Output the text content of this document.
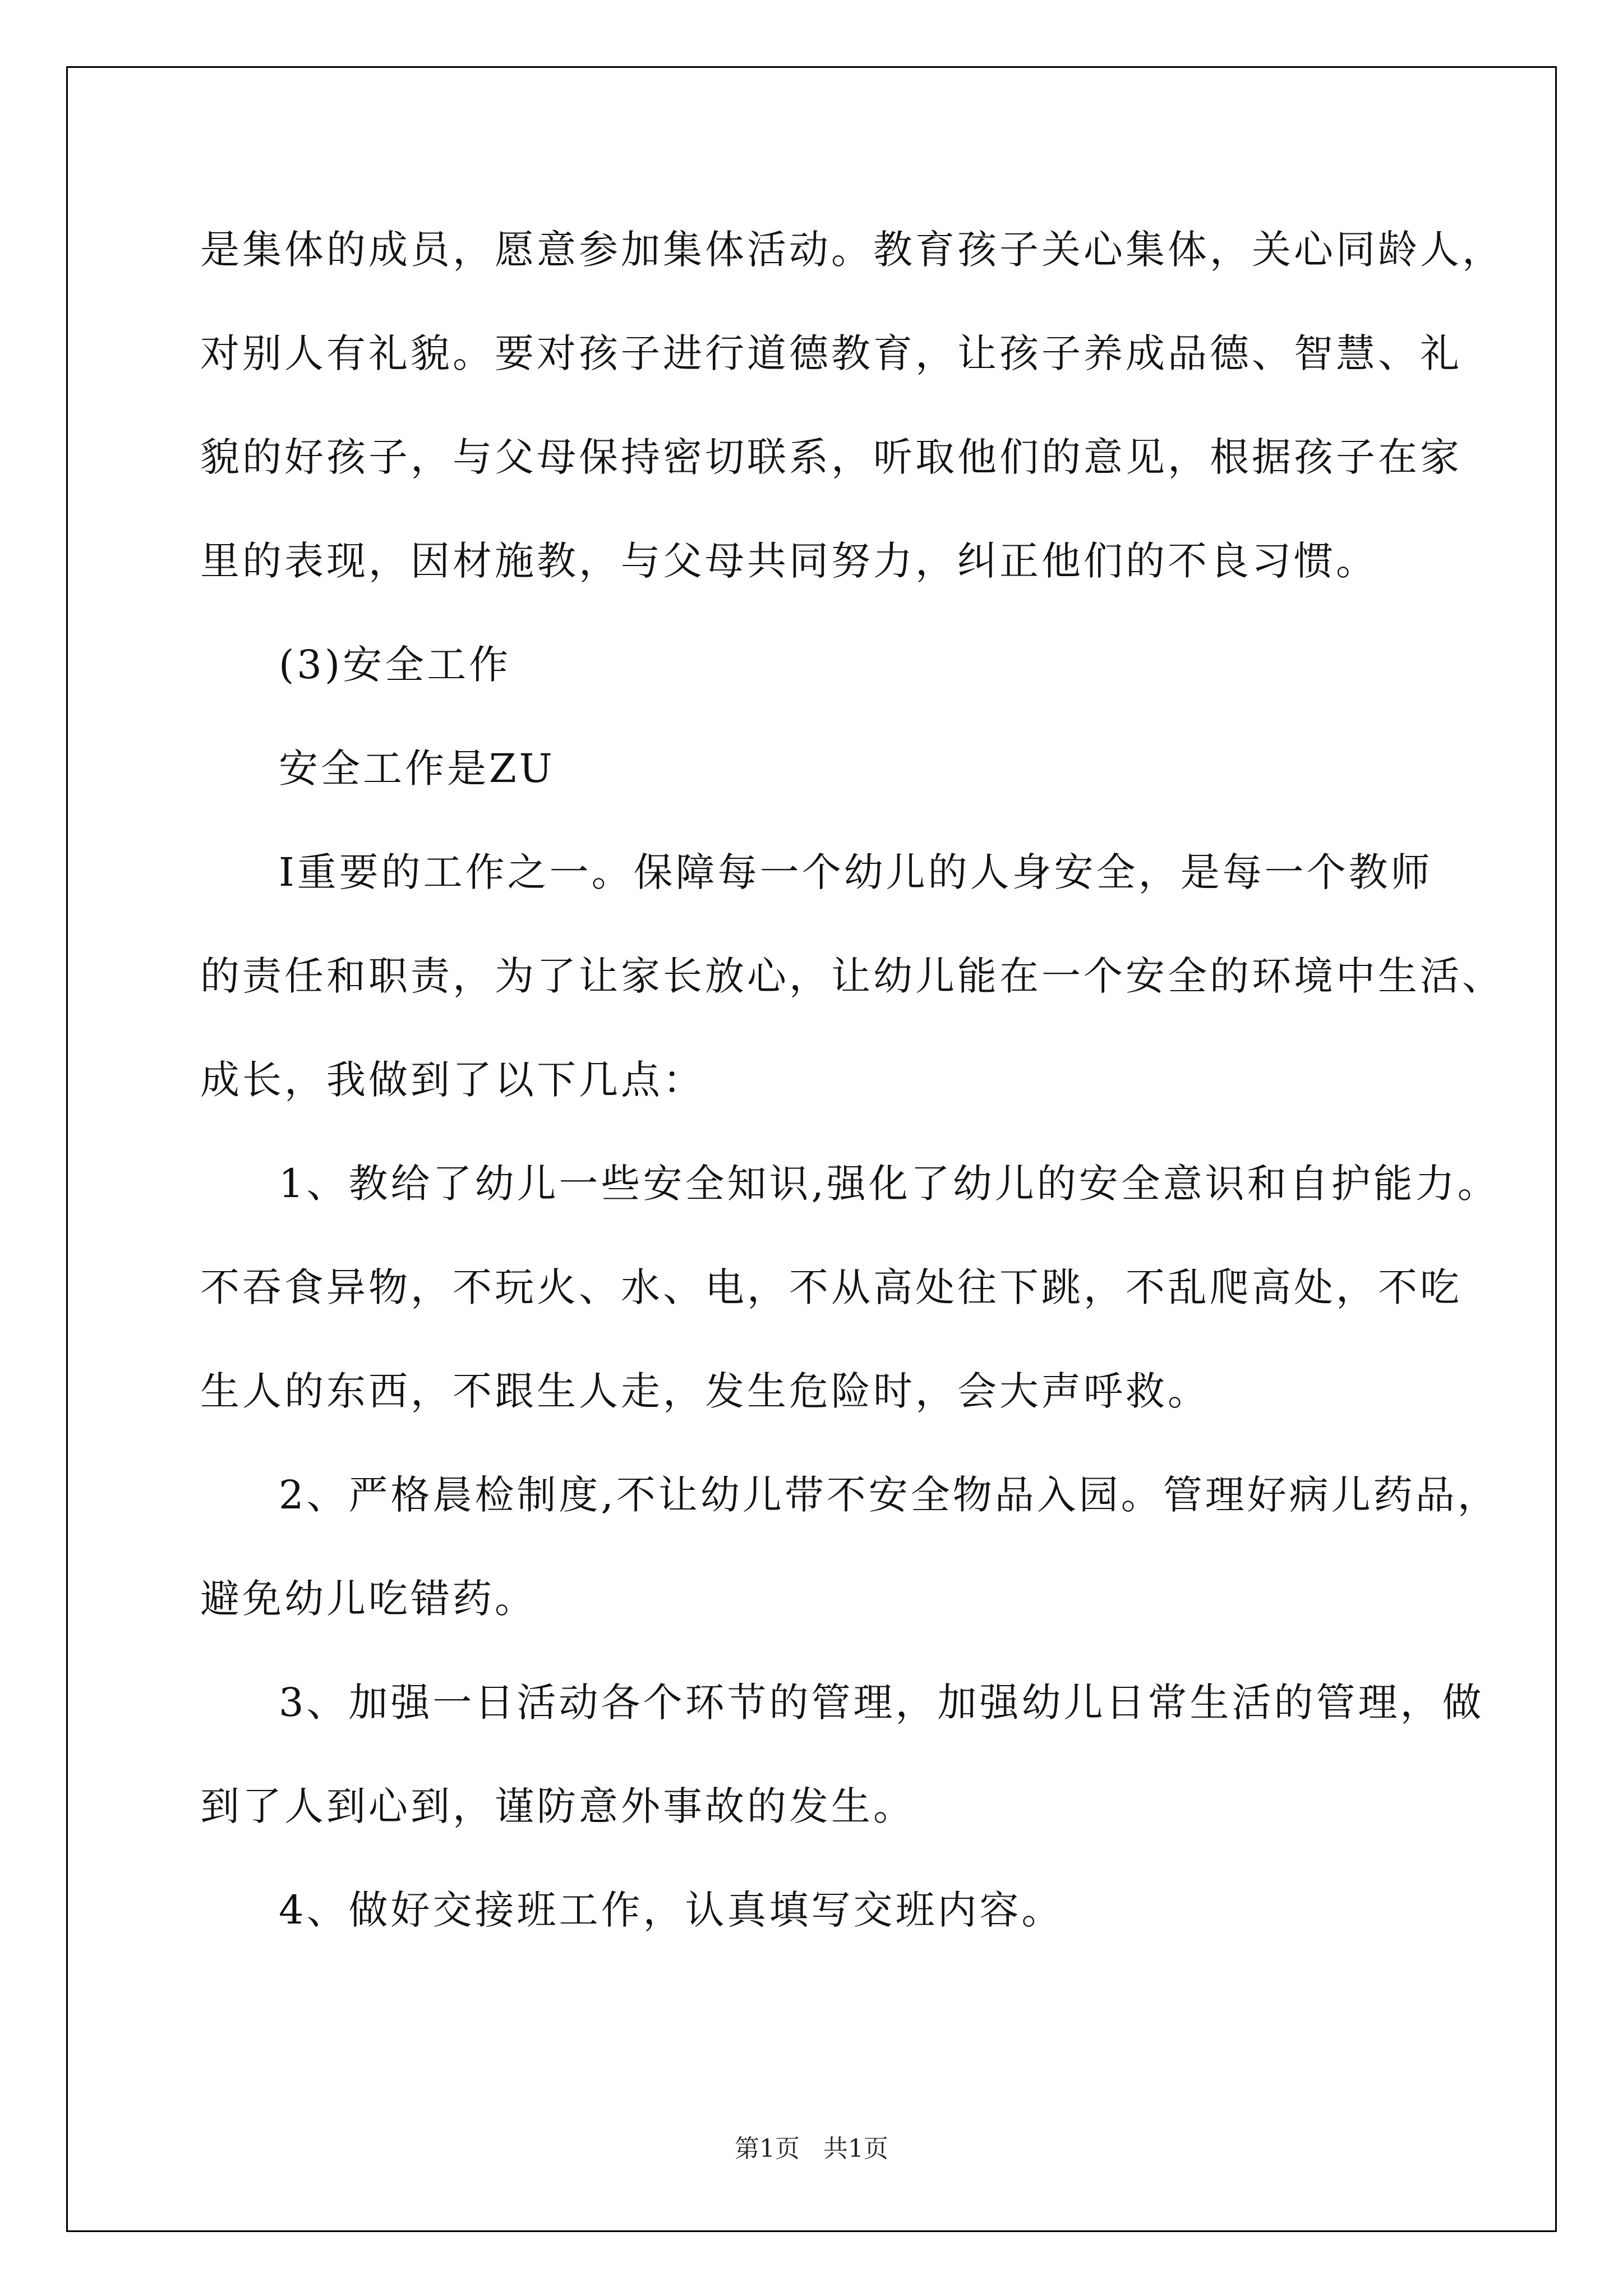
是集体的成员，愿意参加集体活动。教育孩子关心集体，关心同龄人，

对别人有礼貌。要对孩子进行道德教育，让孩子养成品德、智慧、礼

貌的好孩子，与父母保持密切联系，听取他们的意见，根据孩子在家

里的表现，因材施教，与父母共同努力，纠正他们的不良习惯。

(3)安全工作

安全工作是ZU

I重要的工作之一。保障每一个幼儿的人身安全，是每一个教师

的责任和职责，为了让家长放心，让幼儿能在一个安全的环境中生活、

成长，我做到了以下几点：

1、教给了幼儿一些安全知识,强化了幼儿的安全意识和自护能力。

不吞食异物，不玩火、水、电，不从高处往下跳，不乱爬高处，不吃

生人的东西，不跟生人走，发生危险时，会大声呼救。

2、严格晨检制度,不让幼儿带不安全物品入园。管理好病儿药品，

避免幼儿吃错药。

3、加强一日活动各个环节的管理，加强幼儿日常生活的管理，做

到了人到心到，谨防意外事故的发生。

4、做好交接班工作，认真填写交班内容。

第1页   共1页
